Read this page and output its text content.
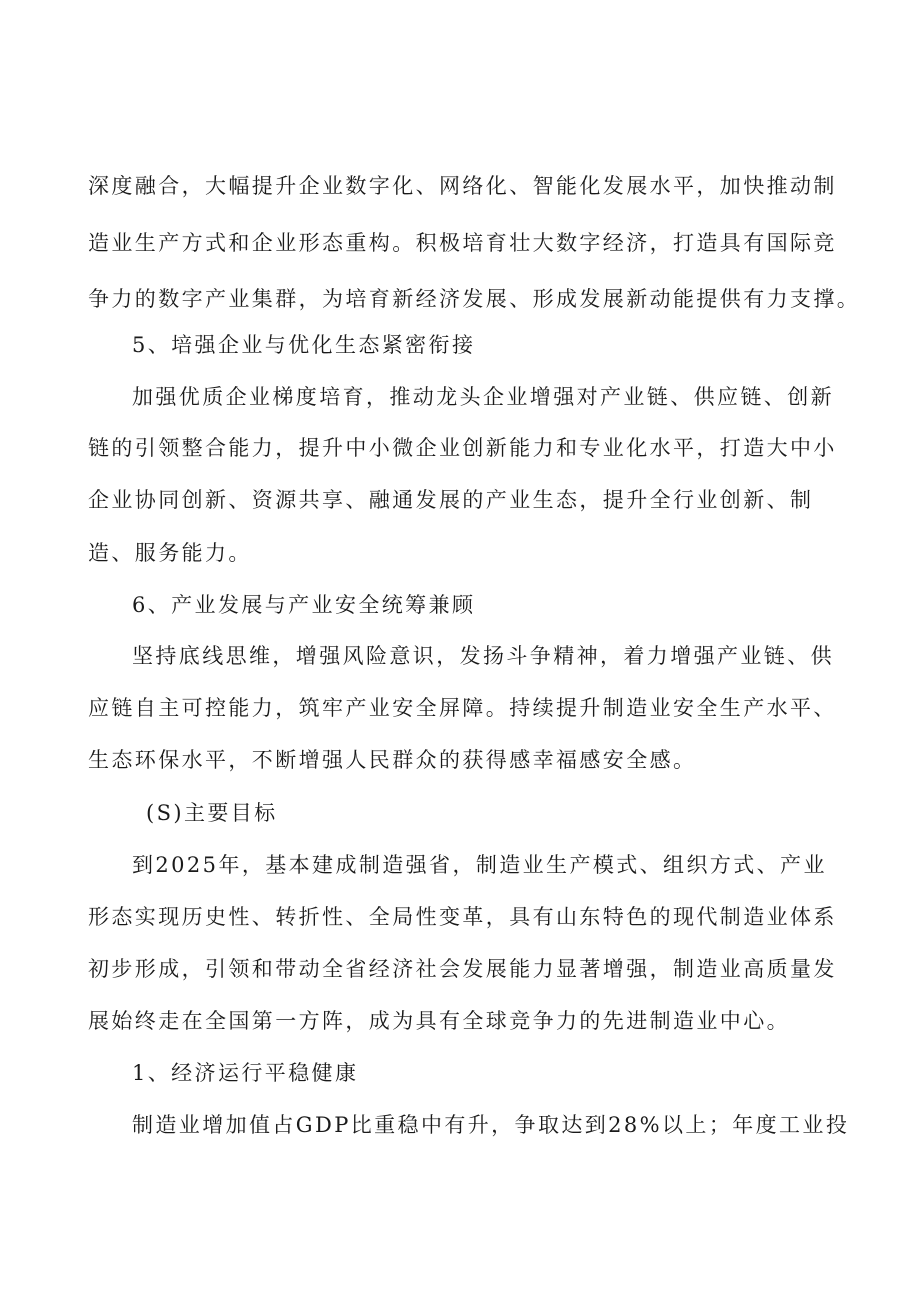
深度融合，大幅提升企业数字化、网络化、智能化发展水平，加快推动制
造业生产方式和企业形态重构。积极培育壮大数字经济，打造具有国际竞
争力的数字产业集群，为培育新经济发展、形成发展新动能提供有力支撑。
5、培强企业与优化生态紧密衔接
加强优质企业梯度培育，推动龙头企业增强对产业链、供应链、创新
链的引领整合能力，提升中小微企业创新能力和专业化水平，打造大中小
企业协同创新、资源共享、融通发展的产业生态，提升全行业创新、制
造、服务能力。
6、产业发展与产业安全统筹兼顾
坚持底线思维，增强风险意识，发扬斗争精神，着力增强产业链、供
应链自主可控能力，筑牢产业安全屏障。持续提升制造业安全生产水平、
生态环保水平，不断增强人民群众的获得感幸福感安全感。
(S)主要目标
到2025年，基本建成制造强省，制造业生产模式、组织方式、产业
形态实现历史性、转折性、全局性变革，具有山东特色的现代制造业体系
初步形成，引领和带动全省经济社会发展能力显著增强，制造业高质量发
展始终走在全国第一方阵，成为具有全球竞争力的先进制造业中心。
1、经济运行平稳健康
制造业增加值占GDP比重稳中有升，争取达到28%以上；年度工业投
